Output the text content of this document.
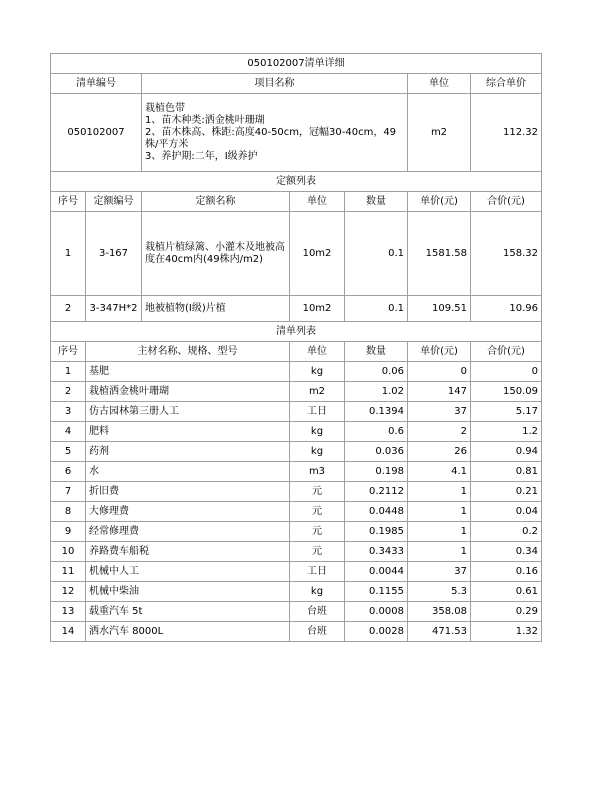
050102007清单详细						
清单编号		项目名称			单位	综合单价
050102007		栽植色带
1、苗木种类:洒金桃叶珊瑚
2、苗木株高、株距:高度40-50cm，冠幅30-40cm，49株/平方米
3、养护期:二年，Ⅰ级养护			m2	112.32
定额列表						
序号	定额编号	定额名称	单位	数量	单价(元)	合价(元)
1	3-167	栽植片植绿篱、小灌木及地被高度在40cm内(49株内/m2)	10m2	0.1	1581.58	158.32
2	3-347H*2	地被植物(I级)片植	10m2	0.1	109.51	10.96
清单列表						
序号	主材名称、规格、型号		单位	数量	单价(元)	合价(元)
1	基肥		kg	0.06	0	0
2	栽植洒金桃叶珊瑚		m2	1.02	147	150.09
3	仿古园林第三册人工		工日	0.1394	37	5.17
4	肥料		kg	0.6	2	1.2
5	药剂		kg	0.036	26	0.94
6	水		m3	0.198	4.1	0.81
7	折旧费		元	0.2112	1	0.21
8	大修理费		元	0.0448	1	0.04
9	经常修理费		元	0.1985	1	0.2
10	养路费车船税		元	0.3433	1	0.34
11	机械中人工		工日	0.0044	37	0.16
12	机械中柴油		kg	0.1155	5.3	0.61
13	载重汽车 5t		台班	0.0008	358.08	0.29
14	洒水汽车 8000L		台班	0.0028	471.53	1.32
